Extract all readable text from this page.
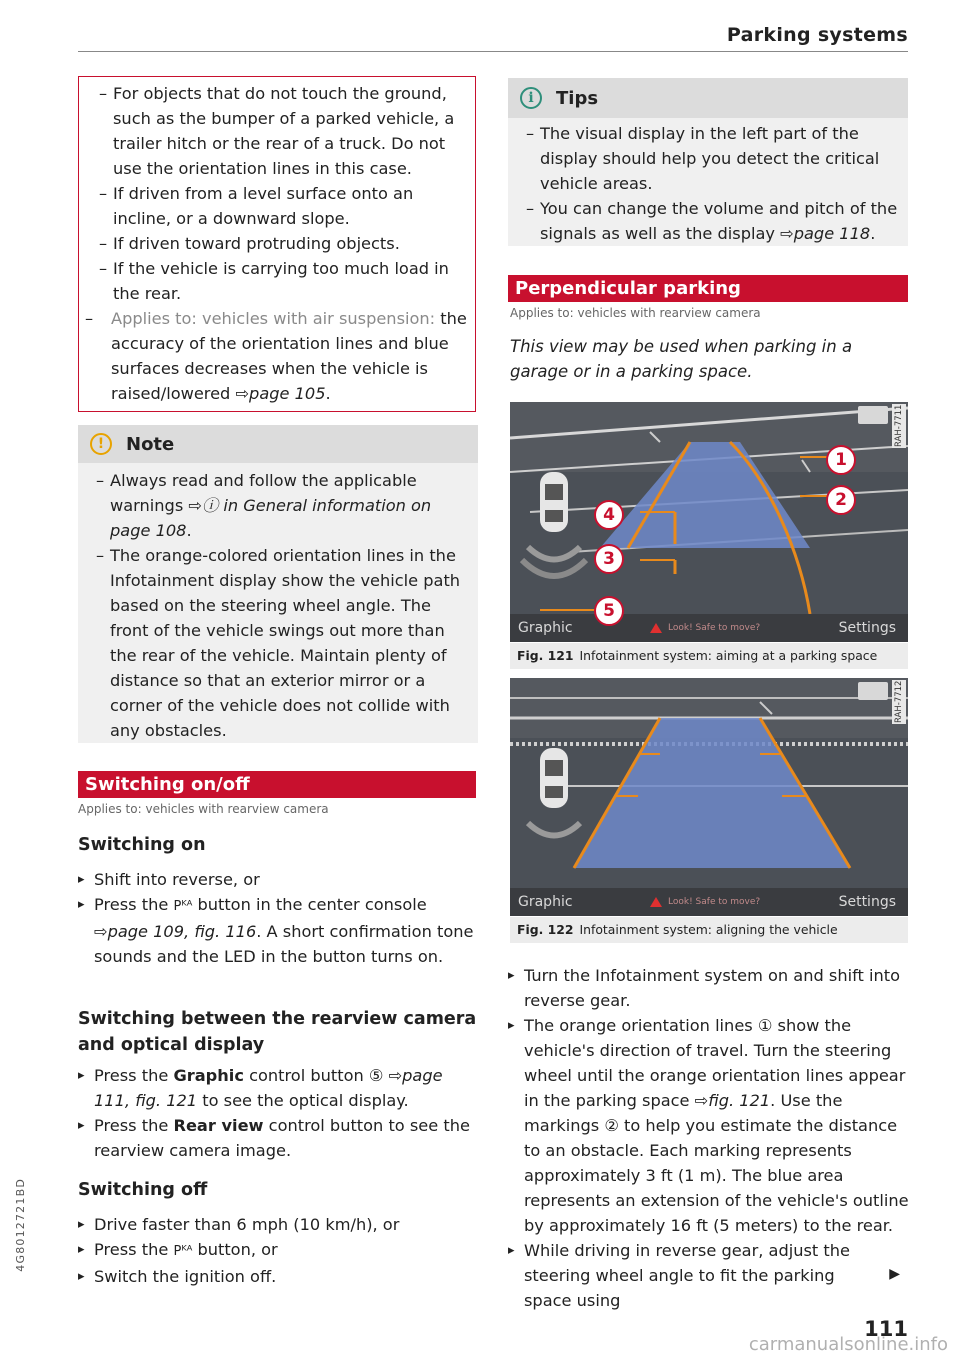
Parking systems
– For objects that do not touch the ground, such as the bumper of a parked vehicle, a trailer hitch or the rear of a truck. Do not use the orientation lines in this case.
– If driven from a level surface onto an incline, or a downward slope.
– If driven toward protruding objects.
– If the vehicle is carrying too much load in the rear.
– Applies to: vehicles with air suspension: the accuracy of the orientation lines and blue surfaces decreases when the vehicle is raised/lowered ⇨page 105.
!	Note
– Always read and follow the applicable warnings ⇨ⓘ in General information on page 108.
– The orange-colored orientation lines in the Infotainment display show the vehicle path based on the steering wheel angle. The front of the vehicle swings out more than the rear of the vehicle. Maintain plenty of distance so that an exterior mirror or a corner of the vehicle does not collide with any obstacles.
Switching on/off
Applies to: vehicles with rearview camera
Switching on
▸ Shift into reverse, or
▸ Press the Pᴷᴬ button in the center console ⇨page 109, fig. 116. A short confirmation tone sounds and the LED in the button turns on.
Switching between the rearview camera and optical display
▸ Press the Graphic control button ⑤ ⇨page 111, fig. 121 to see the optical display.
▸ Press the Rear view control button to see the rearview camera image.
Switching off
▸ Drive faster than 6 mph (10 km/h), or
▸ Press the Pᴷᴬ button, or
▸ Switch the ignition off.
i	Tips
– The visual display in the left part of the display should help you detect the critical vehicle areas.
– You can change the volume and pitch of the signals as well as the display ⇨page 118.
Perpendicular parking
Applies to: vehicles with rearview camera
This view may be used when parking in a garage or in a parking space.
RAH-7711
Graphic	Look! Safe to move?	Settings
1
2
3
4
5
Fig. 121 Infotainment system: aiming at a parking space
RAH-7712
Graphic	Look! Safe to move?	Settings
Fig. 122 Infotainment system: aligning the vehicle
▸ Turn the Infotainment system on and shift into reverse gear.
▸ The orange orientation lines ① show the vehicle's direction of travel. Turn the steering wheel until the orange orientation lines appear in the parking space ⇨fig. 121. Use the markings ② to help you estimate the distance to an obstacle. Each marking represents approximately 3 ft (1 m). The blue area represents an extension of the vehicle's outline by approximately 16 ft (5 meters) to the rear.
▸ While driving in reverse gear, adjust the steering wheel angle to fit the parking space using
▶
4G8012721BD
111
carmanualsonline.info
